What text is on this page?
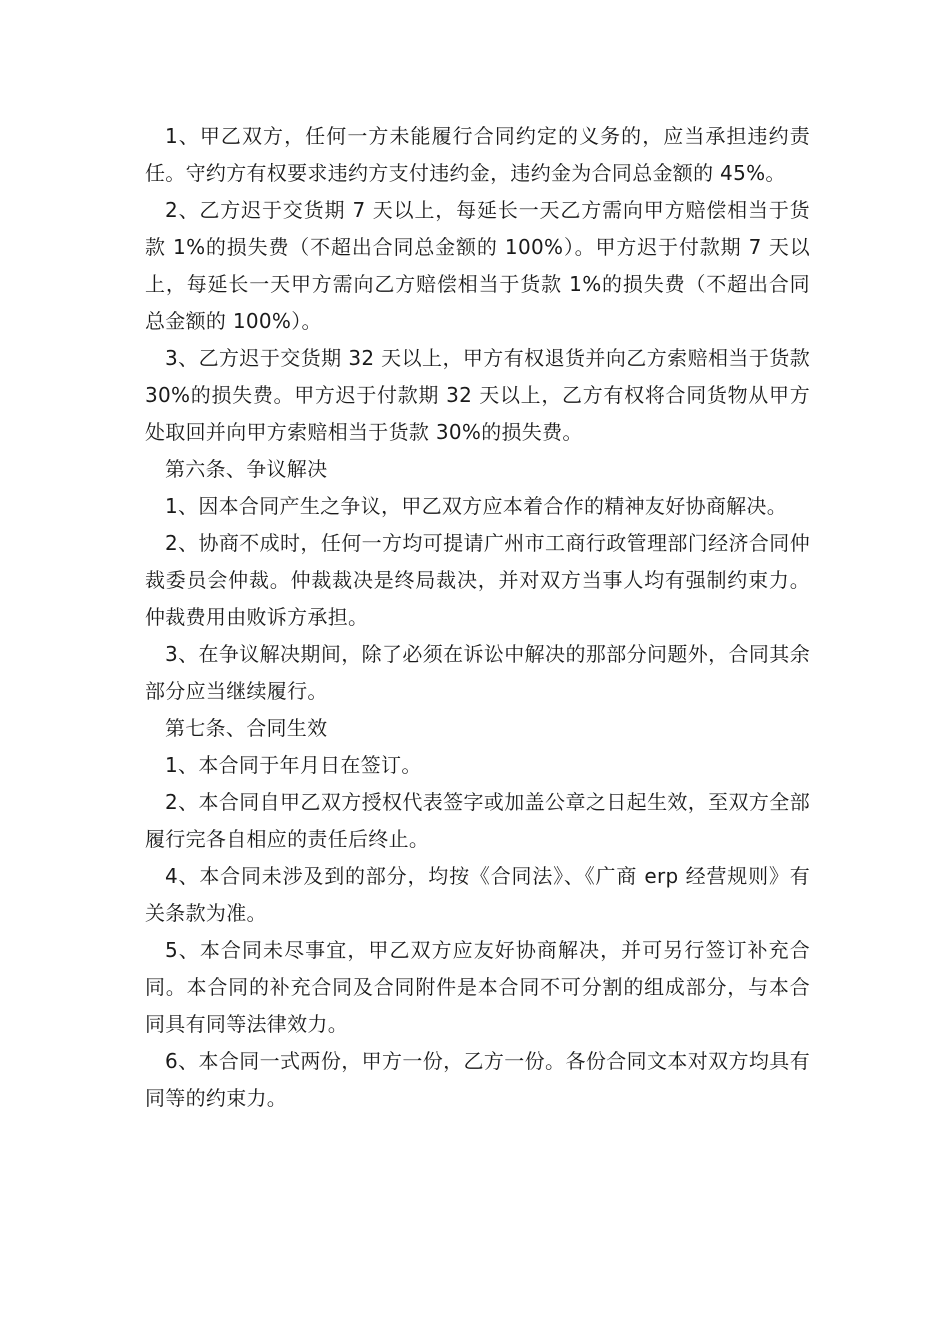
1、甲乙双方，任何一方未能履行合同约定的义务的，应当承担违约责任。守约方有权要求违约方支付违约金，违约金为合同总金额的 45%。

2、乙方迟于交货期 7 天以上，每延长一天乙方需向甲方赔偿相当于货款 1%的损失费（不超出合同总金额的 100%）。甲方迟于付款期 7 天以上，每延长一天甲方需向乙方赔偿相当于货款 1%的损失费（不超出合同总金额的 100%）。

3、乙方迟于交货期 32 天以上，甲方有权退货并向乙方索赔相当于货款 30%的损失费。甲方迟于付款期 32 天以上，乙方有权将合同货物从甲方处取回并向甲方索赔相当于货款 30%的损失费。

第六条、争议解决

1、因本合同产生之争议，甲乙双方应本着合作的精神友好协商解决。

2、协商不成时，任何一方均可提请广州市工商行政管理部门经济合同仲裁委员会仲裁。仲裁裁决是终局裁决，并对双方当事人均有强制约束力。仲裁费用由败诉方承担。

3、在争议解决期间，除了必须在诉讼中解决的那部分问题外，合同其余部分应当继续履行。

第七条、合同生效

1、本合同于年月日在签订。

2、本合同自甲乙双方授权代表签字或加盖公章之日起生效，至双方全部履行完各自相应的责任后终止。

4、本合同未涉及到的部分，均按《合同法》、《广商 erp 经营规则》有关条款为准。

5、本合同未尽事宜，甲乙双方应友好协商解决，并可另行签订补充合同。本合同的补充合同及合同附件是本合同不可分割的组成部分，与本合同具有同等法律效力。

6、本合同一式两份，甲方一份，乙方一份。各份合同文本对双方均具有同等的约束力。
